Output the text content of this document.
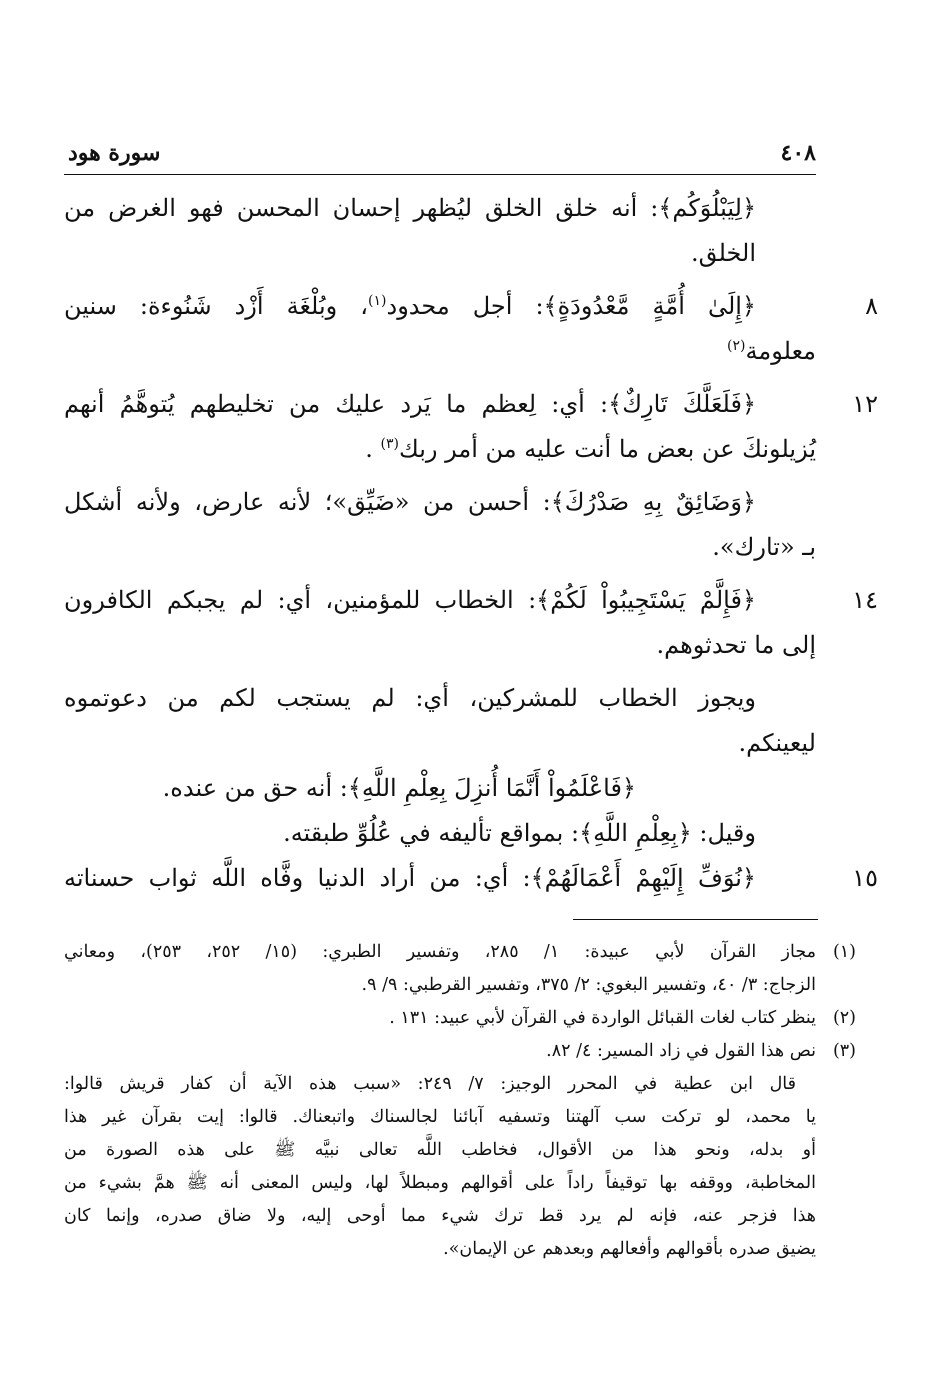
٤٠٨
سورة هود
﴿لِيَبْلُوَكُم﴾: أنه خلق الخلق ليُظهر إحسان المحسن فهو الغرض من
الخلق.
٨
﴿إِلَىٰ أُمَّةٍ مَّعْدُودَةٍ﴾: أجل محدود$^{(١)}$، وبُلْغَة أَزْد شَنُوءة: سنين
معلومة$^{(٢)}$
١٢
﴿فَلَعَلَّكَ تَارِكٌ﴾: أي: لِعظم ما يَرد عليك من تخليطهم يُتوهَّمُ أنهم
يُزيلونكَ عن بعض ما أنت عليه من أمر ربك$^{(٣)}$ .
﴿وَضَائِقٌ بِهِ صَدْرُكَ﴾: أحسن من «ضَيِّق»؛ لأنه عارض، ولأنه أشكل
بـ «تارك».
١٤
﴿فَإِلَّمْ يَسْتَجِيبُواْ لَكُمْ﴾: الخطاب للمؤمنين، أي: لم يجبكم الكافرون
إلى ما تحدثوهم.
ويجوز الخطاب للمشركين، أي: لم يستجب لكم من دعوتموه
ليعينكم.
﴿فَاعْلَمُواْ أَنَّمَا أُنزِلَ بِعِلْمِ اللَّهِ﴾: أنه حق من عنده.
وقيل: ﴿بِعِلْمِ اللَّهِ﴾: بمواقع تأليفه في عُلُوِّ طبقته.
١٥
﴿نُوَفِّ إِلَيْهِمْ أَعْمَالَهُمْ﴾: أي: من أراد الدنيا وفَّاه اللَّه ثواب حسناته
(١)
مجاز القرآن لأبي عبيدة: ١/ ٢٨٥، وتفسير الطبري: (١٥/ ٢٥٢، ٢٥٣)، ومعاني
الزجاج: ٣/ ٤٠، وتفسير البغوي: ٢/ ٣٧٥، وتفسير القرطبي: ٩/ ٩.
(٢)
ينظر كتاب لغات القبائل الواردة في القرآن لأبي عبيد: ١٣١ .
(٣)
نص هذا القول في زاد المسير: ٤/ ٨٢.
قال ابن عطية في المحرر الوجيز: ٧/ ٢٤٩: «سبب هذه الآية أن كفار قريش قالوا:
يا محمد، لو تركت سب آلهتنا وتسفيه آبائنا لجالسناك واتبعناك. قالوا: إيت بقرآن غير هذا
أو بدله، ونحو هذا من الأقوال، فخاطب اللَّه تعالى نبيَّه ﷺ على هذه الصورة من
المخاطبة، ووقفه بها توقيفاً راداً على أقوالهم ومبطلاً لها، وليس المعنى أنه ﷺ همَّ بشيء من
هذا فزجر عنه، فإنه لم يرد قط ترك شيء مما أوحى إليه، ولا ضاق صدره، وإنما كان
يضيق صدره بأقوالهم وأفعالهم وبعدهم عن الإيمان».
